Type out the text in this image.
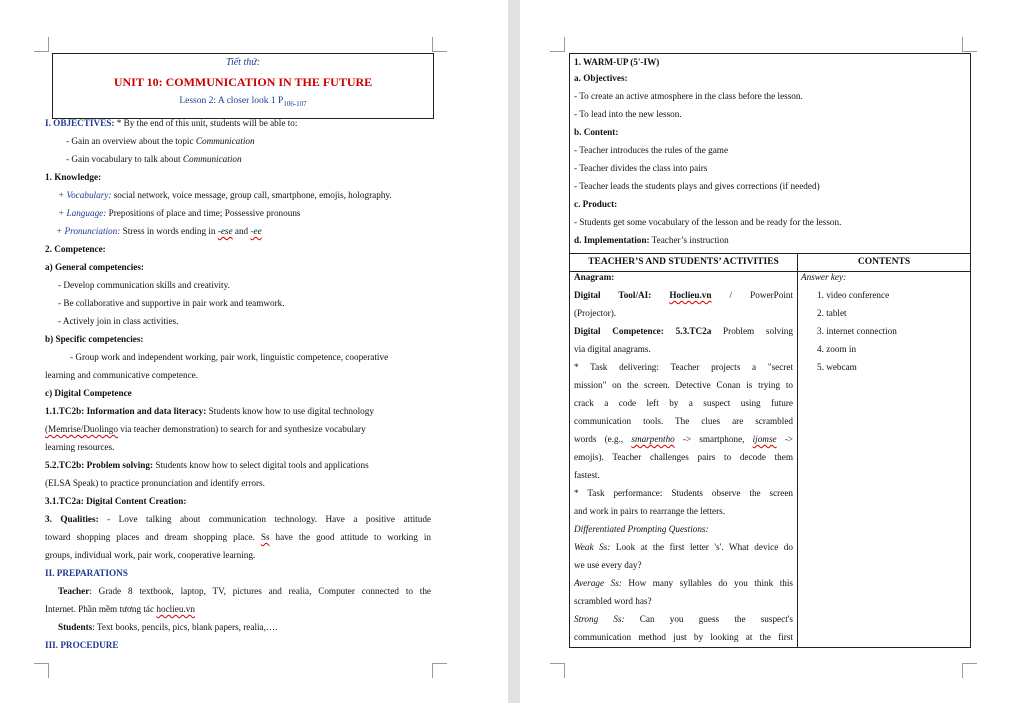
Tiết thứ:
UNIT 10: COMMUNICATION IN THE FUTURE
Lesson 2: A closer look 1 $P_{106-107}$
I. OBJECTIVES: * By the end of this unit, students will be able to:
- Gain an overview about the topic Communication
- Gain vocabulary to talk about Communication
1. Knowledge:
+ Vocabulary: social network, voice message, group call, smartphone, emojis, holography.
+ Language: Prepositions of place and time; Possessive pronouns
+ Pronunciation: Stress in words ending in -ese and -ee
2. Competence:
a) General competencies:
- Develop communication skills and creativity.
- Be collaborative and supportive in pair work and teamwork.
- Actively join in class activities.
b) Specific competencies:
- Group work and independent working, pair work, linguistic competence, cooperative
learning and communicative competence.
c) Digital Competence
1.1.TC2b: Information and data literacy: Students know how to use digital technology
(Memrise/Duolingo via teacher demonstration) to search for and synthesize vocabulary
learning resources.
5.2.TC2b: Problem solving: Students know how to select digital tools and applications
(ELSA Speak) to practice pronunciation and identify errors.
3.1.TC2a: Digital Content Creation:
3. Qualities: - Love talking about communication technology. Have a positive attitude
toward shopping places and dream shopping place. Ss have the good attitude to working in
groups, individual work, pair work, cooperative learning.
II. PREPARATIONS
Teacher: Grade 8 textbook, laptop, TV, pictures and realia, Computer connected to the
Internet. Phần mềm tương tác hoclieu.vn
Students: Text books, pencils, pics, blank papers, realia,….
III. PROCEDURE
1. WARM-UP (5'-IW)
a. Objectives:
- To create an active atmosphere in the class before the lesson.
- To lead into the new lesson.
b. Content:
- Teacher introduces the rules of the game
- Teacher divides the class into pairs
- Teacher leads the students plays and gives corrections (if needed)
c. Product:
- Students get some vocabulary of the lesson and be ready for the lesson.
d. Implementation: Teacher’s instruction
TEACHER’S AND STUDENTS’ ACTIVITIES	CONTENTS
Anagram:
Digital Tool/AI: Hoclieu.vn / PowerPoint
(Projector).
Digital Competence: 5.3.TC2a Problem solving
via digital anagrams.
* Task delivering: Teacher projects a "secret
mission" on the screen. Detective Conan is trying to
crack a code left by a suspect using future
communication tools. The clues are scrambled
words (e.g., smarpentho -> smartphone, ijomse ->
emojis). Teacher challenges pairs to decode them
fastest.
* Task performance: Students observe the screen
and work in pairs to rearrange the letters.
Differentiated Prompting Questions:
Weak Ss: Look at the first letter 's'. What device do
we use every day?
Average Ss: How many syllables do you think this
scrambled word has?
Strong Ss: Can you guess the suspect's
communication method just by looking at the first
Answer key:
1. video conference
2. tablet
3. internet connection
4. zoom in
5. webcam
